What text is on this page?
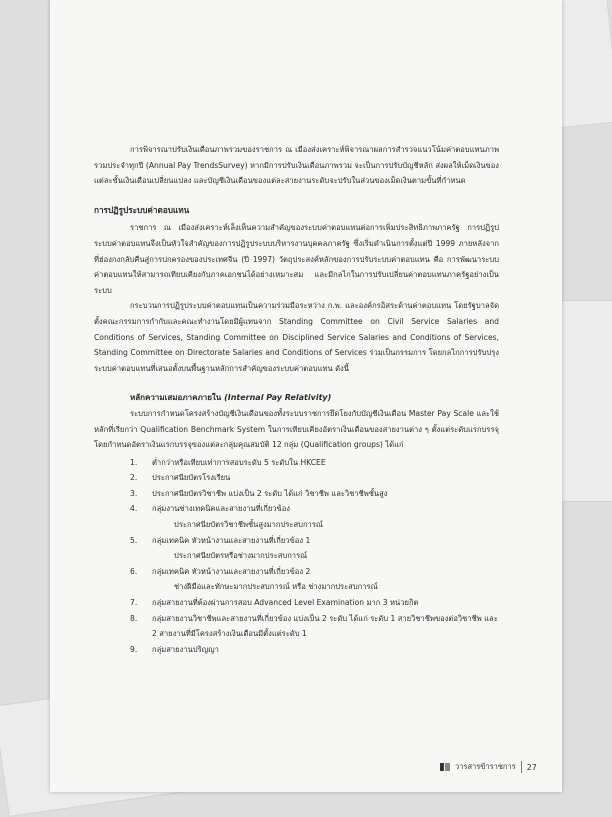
การพิจารณาปรับเงินเดือนภาพรวมของราชการ ณ เมืองส่งเคราะห์พิจารณาผลการสำรวจแนวโน้มค่าตอบแทนภาพรวมประจำทุกปี (Annual Pay TrendsSurvey) หากมีการปรับเงินเดือนภาพรวม จะเป็นการปรับบัญชีหลัก ส่งผลให้เม็ดเงินของแต่ละขั้นเงินเดือนเปลี่ยนแปลง และบัญชีเงินเดือนของแต่ละสายงานระดับจะปรับในส่วนของเม็ดเงินตามขั้นที่กำหนด

การปฏิรูประบบค่าตอบแทน

ราชการ ณ เมืองส่งเคราะห์เล็งเห็นความสำคัญของระบบค่าตอบแทนต่อการเพิ่มประสิทธิภาพภาครัฐ การปฏิรูประบบค่าตอบแทนจึงเป็นหัวใจสำคัญของการปฏิรูประบบบริหารงานบุคคลภาครัฐ ซึ่งเริ่มดำเนินการตั้งแต่ปี 1999 ภายหลังจากที่ฮ่องกงกลับคืนสู่การปกครองของประเทศจีน (ปี 1997) วัตถุประสงค์หลักของการปรับระบบค่าตอบแทน คือ การพัฒนาระบบค่าตอบแทนให้สามารถเทียบเคียงกับภาคเอกชนได้อย่างเหมาะสม และมีกลไกในการปรับเปลี่ยนค่าตอบแทนภาครัฐอย่างเป็นระบบ

กระบวนการปฏิรูประบบค่าตอบแทนเป็นความร่วมมือระหว่าง ก.พ. และองค์กรอิสระด้านค่าตอบแทน โดยรัฐบาลจัดตั้งคณะกรรมการกำกับและคณะทำงานโดยมีผู้แทนจาก Standing Committee on Civil Service Salaries and Conditions of Services, Standing Committee on Disciplined Service Salaries and Conditions of Services, Standing Committee on Directorate Salaries and Conditions of Services ร่วมเป็นกรรมการ โดยกลไกการปรับปรุงระบบค่าตอบแทนที่เสนอตั้งบนพื้นฐานหลักการสำคัญของระบบค่าตอบแทน ดังนี้

หลักความเสมอภาคภายใน (Internal Pay Relativity)

ระบบการกำหนดโครงสร้างบัญชีเงินเดือนของทั้งระบบราชการยึดโยงกับบัญชีเงินเดือน Master Pay Scale และใช้หลักที่เรียกว่า Qualification Benchmark System ในการเทียบเคียงอัตราเงินเดือนของสายงานต่าง ๆ ตั้งแต่ระดับแรกบรรจุ โดยกำหนดอัตราเงินแรกบรรจุของแต่ละกลุ่มคุณสมบัติ 12 กลุ่ม (Qualification groups) ได้แก่

1. ต่ำกว่าหรือเทียบเท่าการสอบระดับ 5 ระดับใน HKCEE
2. ประกาศนียบัตรโรงเรียน
3. ประกาศนียบัตรวิชาชีพ แบ่งเป็น 2 ระดับ ได้แก่ วิชาชีพ และวิชาชีพชั้นสูง
4. กลุ่มงานช่างเทคนิคและสายงานที่เกี่ยวข้อง
ประกาศนียบัตรวิชาชีพชั้นสูงมากประสบการณ์
5. กลุ่มเทคนิค หัวหน้างานและสายงานที่เกี่ยวข้อง 1
ประกาศนียบัตรหรือช่างมากประสบการณ์
6. กลุ่มเทคนิค หัวหน้างานและสายงานที่เกี่ยวข้อง 2
ช่างฝีมือและทักษะมากประสบการณ์ หรือ ช่างมากประสบการณ์
7. กลุ่มสายงานที่ต้องผ่านการสอบ Advanced Level Examination มาก 3 หน่วยกิต
8. กลุ่มสายงานวิชาชีพและสายงานที่เกี่ยวข้อง แบ่งเป็น 2 ระดับ ได้แก่ ระดับ 1 สายวิชาชีพของต่อวิชาชีพ และ 2 สายงานที่มีโครงสร้างเงินเดือนมีตั้งแต่ระดับ 1
9. กลุ่มสายงานปริญญา
วารสารข้าราชการ 27
